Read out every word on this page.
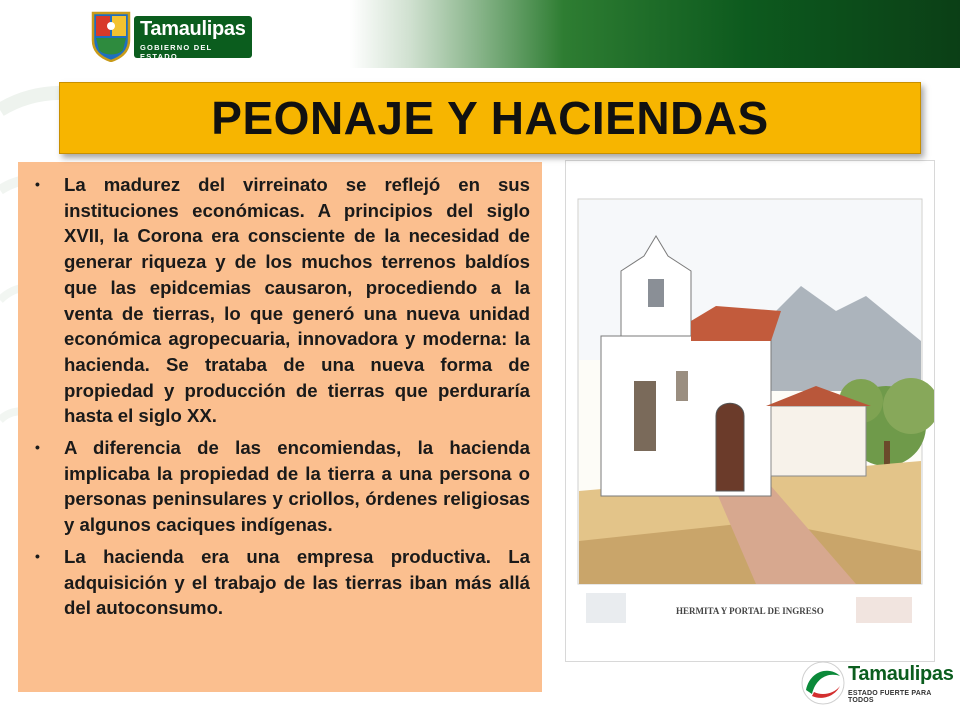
Tamaulipas
GOBIERNO DEL ESTADO
PEONAJE Y HACIENDAS
• La madurez del virreinato se reflejó en sus instituciones económicas. A principios del siglo XVII, la Corona era consciente de la necesidad de generar riqueza y de los muchos terrenos baldíos que las epidcemias causaron, procediendo a la venta de tierras, lo que generó una nueva unidad económica agropecuaria, innovadora y moderna: la hacienda. Se trataba de una nueva forma de propiedad y producción de tierras que perduraría hasta el siglo XX.
• A diferencia de las encomiendas, la hacienda implicaba la propiedad de la tierra a una persona o personas peninsulares y criollos, órdenes religiosas y algunos caciques indígenas.
• La hacienda era una empresa productiva. La adquisición y el trabajo de las tierras iban más allá del autoconsumo.	HERMITA Y PORTAL DE INGRESO
Tamaulipas
ESTADO FUERTE PARA TODOS
